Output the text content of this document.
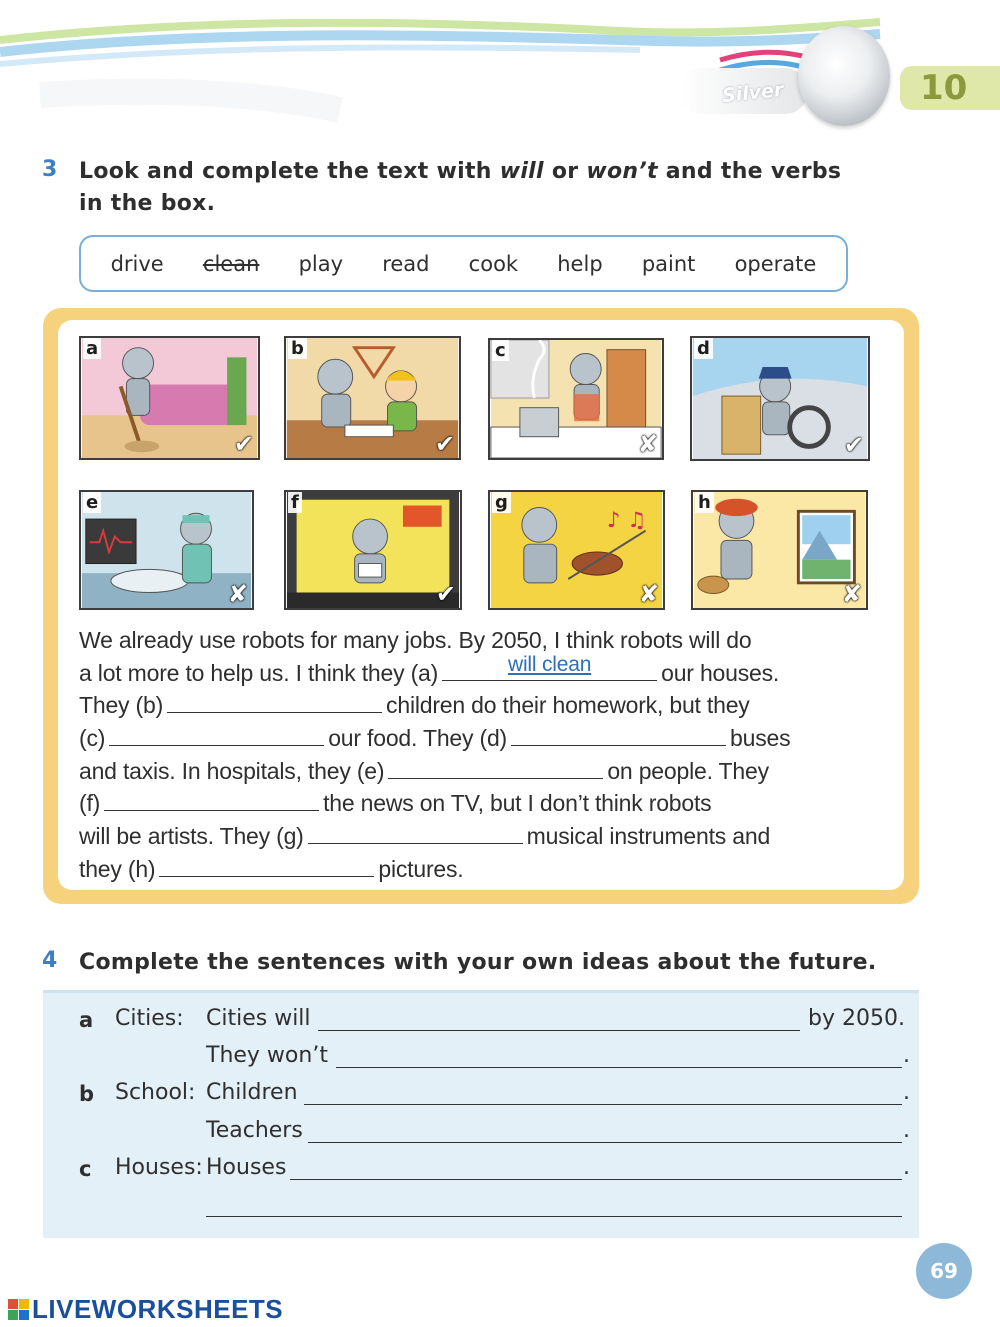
Silver	10
3 Look and complete the text with will or won’t and the verbs
in the box.
drive clean play read cook help paint operate
a
✔
b
✔
c
✘
d
✔
e
✘
f
✔
♪ ♫
g
✘
h
✘
We already use robots for many jobs. By 2050, I think robots will do
a lot more to help us. I think they (a)	will clean	our houses.
They (b)	children do their homework, but they
(c)	our food. They (d)	buses
and taxis. In hospitals, they (e)	on people. They
(f)	the news on TV, but I don’t think robots
will be artists. They (g)	musical instruments and
they (h)	pictures.
4 Complete the sentences with your own ideas about the future.
a Cities: Cities will	by 2050.
They won’t	.
b School: Children	.
Teachers	.
c Houses: Houses	.
69
LIVEWORKSHEETS
